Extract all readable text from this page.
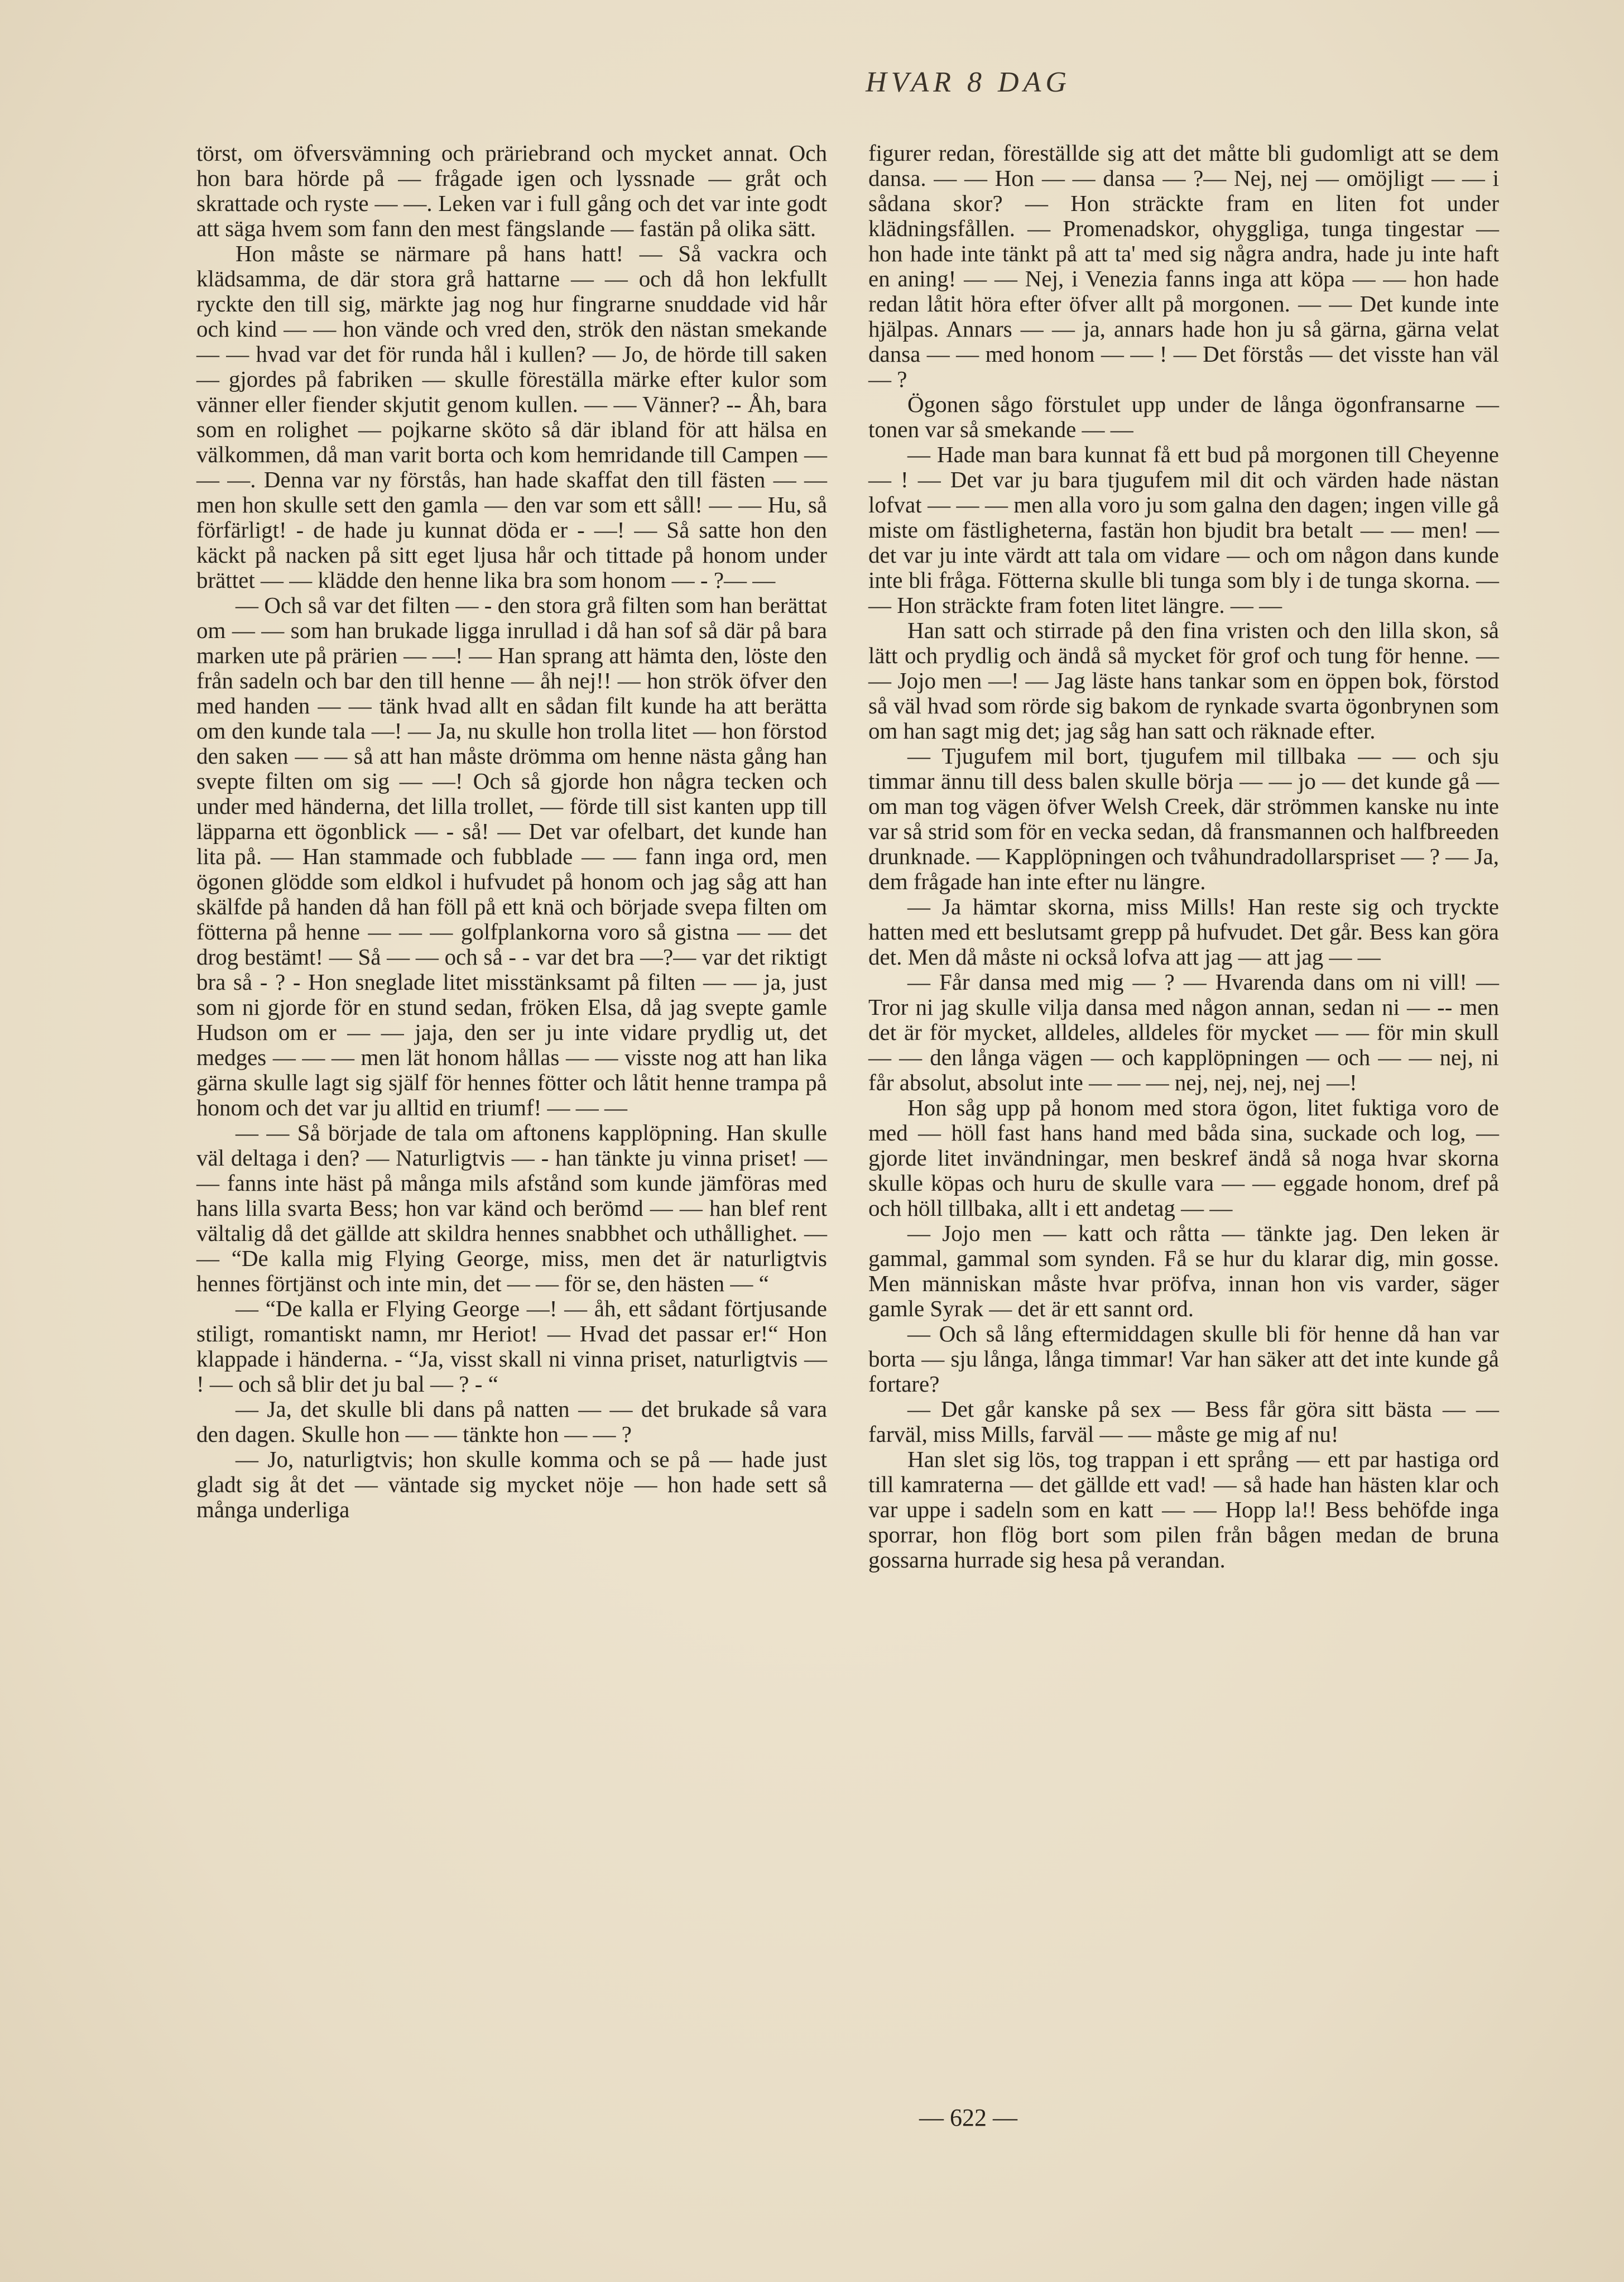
HVAR 8 DAG

törst, om öfversvämning och präriebrand och mycket annat. Och hon bara hörde på — frågade igen och lyssnade — gråt och skrattade och ryste — —. Leken var i full gång och det var inte godt att säga hvem som fann den mest fängslande — fastän på olika sätt.

Hon måste se närmare på hans hatt! — Så vackra och klädsamma, de där stora grå hattarne — — och då hon lekfullt ryckte den till sig, märkte jag nog hur fingrarne snuddade vid hår och kind — — hon vände och vred den, strök den nästan smekande — — hvad var det för runda hål i kullen? — Jo, de hörde till saken — gjordes på fabriken — skulle föreställa märke efter kulor som vänner eller fiender skjutit genom kullen. — — Vänner? -- Åh, bara som en rolighet — pojkarne sköto så där ibland för att hälsa en välkommen, då man varit borta och kom hemridande till Campen — — —. Denna var ny förstås, han hade skaffat den till fästen — — men hon skulle sett den gamla — den var som ett såll! — — Hu, så förfärligt! - de hade ju kunnat döda er - —! — Så satte hon den käckt på nacken på sitt eget ljusa hår och tittade på honom under brättet — — klädde den henne lika bra som honom — - ?— —

— Och så var det filten — - den stora grå filten som han berättat om — — som han brukade ligga inrullad i då han sof så där på bara marken ute på prärien — —! — Han sprang att hämta den, löste den från sadeln och bar den till henne — åh nej!! — hon strök öfver den med handen — — tänk hvad allt en sådan filt kunde ha att berätta om den kunde tala —! — Ja, nu skulle hon trolla litet — hon förstod den saken — — så att han måste drömma om henne nästa gång han svepte filten om sig — —! Och så gjorde hon några tecken och under med händerna, det lilla trollet, — förde till sist kanten upp till läpparna ett ögonblick — - så! — Det var ofelbart, det kunde han lita på. — Han stammade och fubblade — — fann inga ord, men ögonen glödde som eldkol i hufvudet på honom och jag såg att han skälfde på handen då han föll på ett knä och började svepa filten om fötterna på henne — — — golfplankorna voro så gistna — — det drog bestämt! — Så — — och så - - var det bra —?— var det riktigt bra så - ? - Hon sneglade litet misstänksamt på filten — — ja, just som ni gjorde för en stund sedan, fröken Elsa, då jag svepte gamle Hudson om er — — jaja, den ser ju inte vidare prydlig ut, det medges — — — men lät honom hållas — — visste nog att han lika gärna skulle lagt sig själf för hennes fötter och låtit henne trampa på honom och det var ju alltid en triumf! — — —

— — Så började de tala om aftonens kapplöpning. Han skulle väl deltaga i den? — Naturligtvis — - han tänkte ju vinna priset! — — fanns inte häst på många mils afstånd som kunde jämföras med hans lilla svarta Bess; hon var känd och berömd — — han blef rent vältalig då det gällde att skildra hennes snabbhet och uthållighet. — — “De kalla mig Flying George, miss, men det är naturligtvis hennes förtjänst och inte min, det — — för se, den hästen — “

— “De kalla er Flying George —! — åh, ett sådant förtjusande stiligt, romantiskt namn, mr Heriot! — Hvad det passar er!“ Hon klappade i händerna. - “Ja, visst skall ni vinna priset, naturligtvis — ! — och så blir det ju bal — ? - “

— Ja, det skulle bli dans på natten — — det brukade så vara den dagen. Skulle hon — — tänkte hon — — ?

— Jo, naturligtvis; hon skulle komma och se på — hade just gladt sig åt det — väntade sig mycket nöje — hon hade sett så många underliga

figurer redan, föreställde sig att det måtte bli gudomligt att se dem dansa. — — Hon — — dansa — ?— Nej, nej — omöjligt — — i sådana skor? — Hon sträckte fram en liten fot under klädningsfållen. — Promenadskor, ohyggliga, tunga tingestar — hon hade inte tänkt på att ta' med sig några andra, hade ju inte haft en aning! — — Nej, i Venezia fanns inga att köpa — — hon hade redan låtit höra efter öfver allt på morgonen. — — Det kunde inte hjälpas. Annars — — ja, annars hade hon ju så gärna, gärna velat dansa — — med honom — — ! — Det förstås — det visste han väl — ?

Ögonen sågo förstulet upp under de långa ögonfransarne — tonen var så smekande — —

— Hade man bara kunnat få ett bud på morgonen till Cheyenne — ! — Det var ju bara tjugufem mil dit och värden hade nästan lofvat — — — men alla voro ju som galna den dagen; ingen ville gå miste om fästligheterna, fastän hon bjudit bra betalt — — men! — det var ju inte värdt att tala om vidare — och om någon dans kunde inte bli fråga. Fötterna skulle bli tunga som bly i de tunga skorna. — — Hon sträckte fram foten litet längre. — —

Han satt och stirrade på den fina vristen och den lilla skon, så lätt och prydlig och ändå så mycket för grof och tung för henne. — — Jojo men —! — Jag läste hans tankar som en öppen bok, förstod så väl hvad som rörde sig bakom de rynkade svarta ögonbrynen som om han sagt mig det; jag såg han satt och räknade efter.

— Tjugufem mil bort, tjugufem mil tillbaka — — och sju timmar ännu till dess balen skulle börja — — jo — det kunde gå — om man tog vägen öfver Welsh Creek, där strömmen kanske nu inte var så strid som för en vecka sedan, då fransmannen och halfbreeden drunknade. — Kapplöpningen och tvåhundradollarspriset — ? — Ja, dem frågade han inte efter nu längre.

— Ja hämtar skorna, miss Mills! Han reste sig och tryckte hatten med ett beslutsamt grepp på hufvudet. Det går. Bess kan göra det. Men då måste ni också lofva att jag — att jag — —

— Får dansa med mig — ? — Hvarenda dans om ni vill! — Tror ni jag skulle vilja dansa med någon annan, sedan ni — -- men det är för mycket, alldeles, alldeles för mycket — — för min skull — — den långa vägen — och kapplöpningen — och — — nej, ni får absolut, absolut inte — — — nej, nej, nej, nej —!

Hon såg upp på honom med stora ögon, litet fuktiga voro de med — höll fast hans hand med båda sina, suckade och log, — gjorde litet invändningar, men beskref ändå så noga hvar skorna skulle köpas och huru de skulle vara — — eggade honom, dref på och höll tillbaka, allt i ett andetag — —

— Jojo men — katt och råtta — tänkte jag. Den leken är gammal, gammal som synden. Få se hur du klarar dig, min gosse. Men människan måste hvar pröfva, innan hon vis varder, säger gamle Syrak — det är ett sannt ord.

— Och så lång eftermiddagen skulle bli för henne då han var borta — sju långa, långa timmar! Var han säker att det inte kunde gå fortare?

— Det går kanske på sex — Bess får göra sitt bästa — — farväl, miss Mills, farväl — — måste ge mig af nu!

Han slet sig lös, tog trappan i ett språng — ett par hastiga ord till kamraterna — det gällde ett vad! — så hade han hästen klar och var uppe i sadeln som en katt — — Hopp la!! Bess behöfde inga sporrar, hon flög bort som pilen från bågen medan de bruna gossarna hurrade sig hesa på verandan.

— 622 —
